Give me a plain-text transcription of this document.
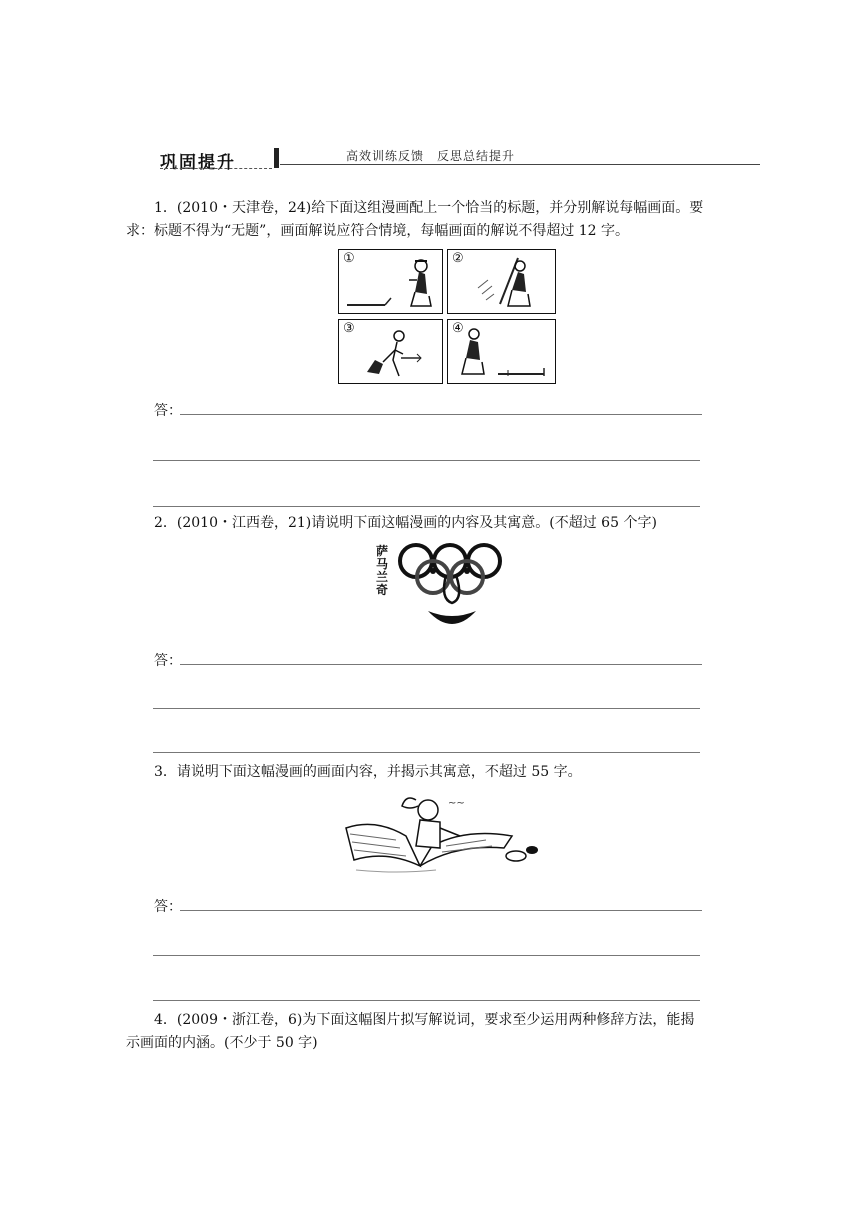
巩固提升	高效训练反馈　反思总结提升
1．(2010・天津卷，24)给下面这组漫画配上一个恰当的标题，并分别解说每幅画面。要
求：标题不得为“无题”，画面解说应符合情境，每幅画面的解说不得超过 12 字。
①	②
③	④
答：
2．(2010・江西卷，21)请说明下面这幅漫画的内容及其寓意。(不超过 65 个字)
萨
马
兰
奇
答：
3．请说明下面这幅漫画的画面内容，并揭示其寓意，不超过 55 字。
~~
答：
4．(2009・浙江卷，6)为下面这幅图片拟写解说词，要求至少运用两种修辞方法，能揭
示画面的内涵。(不少于 50 字)
